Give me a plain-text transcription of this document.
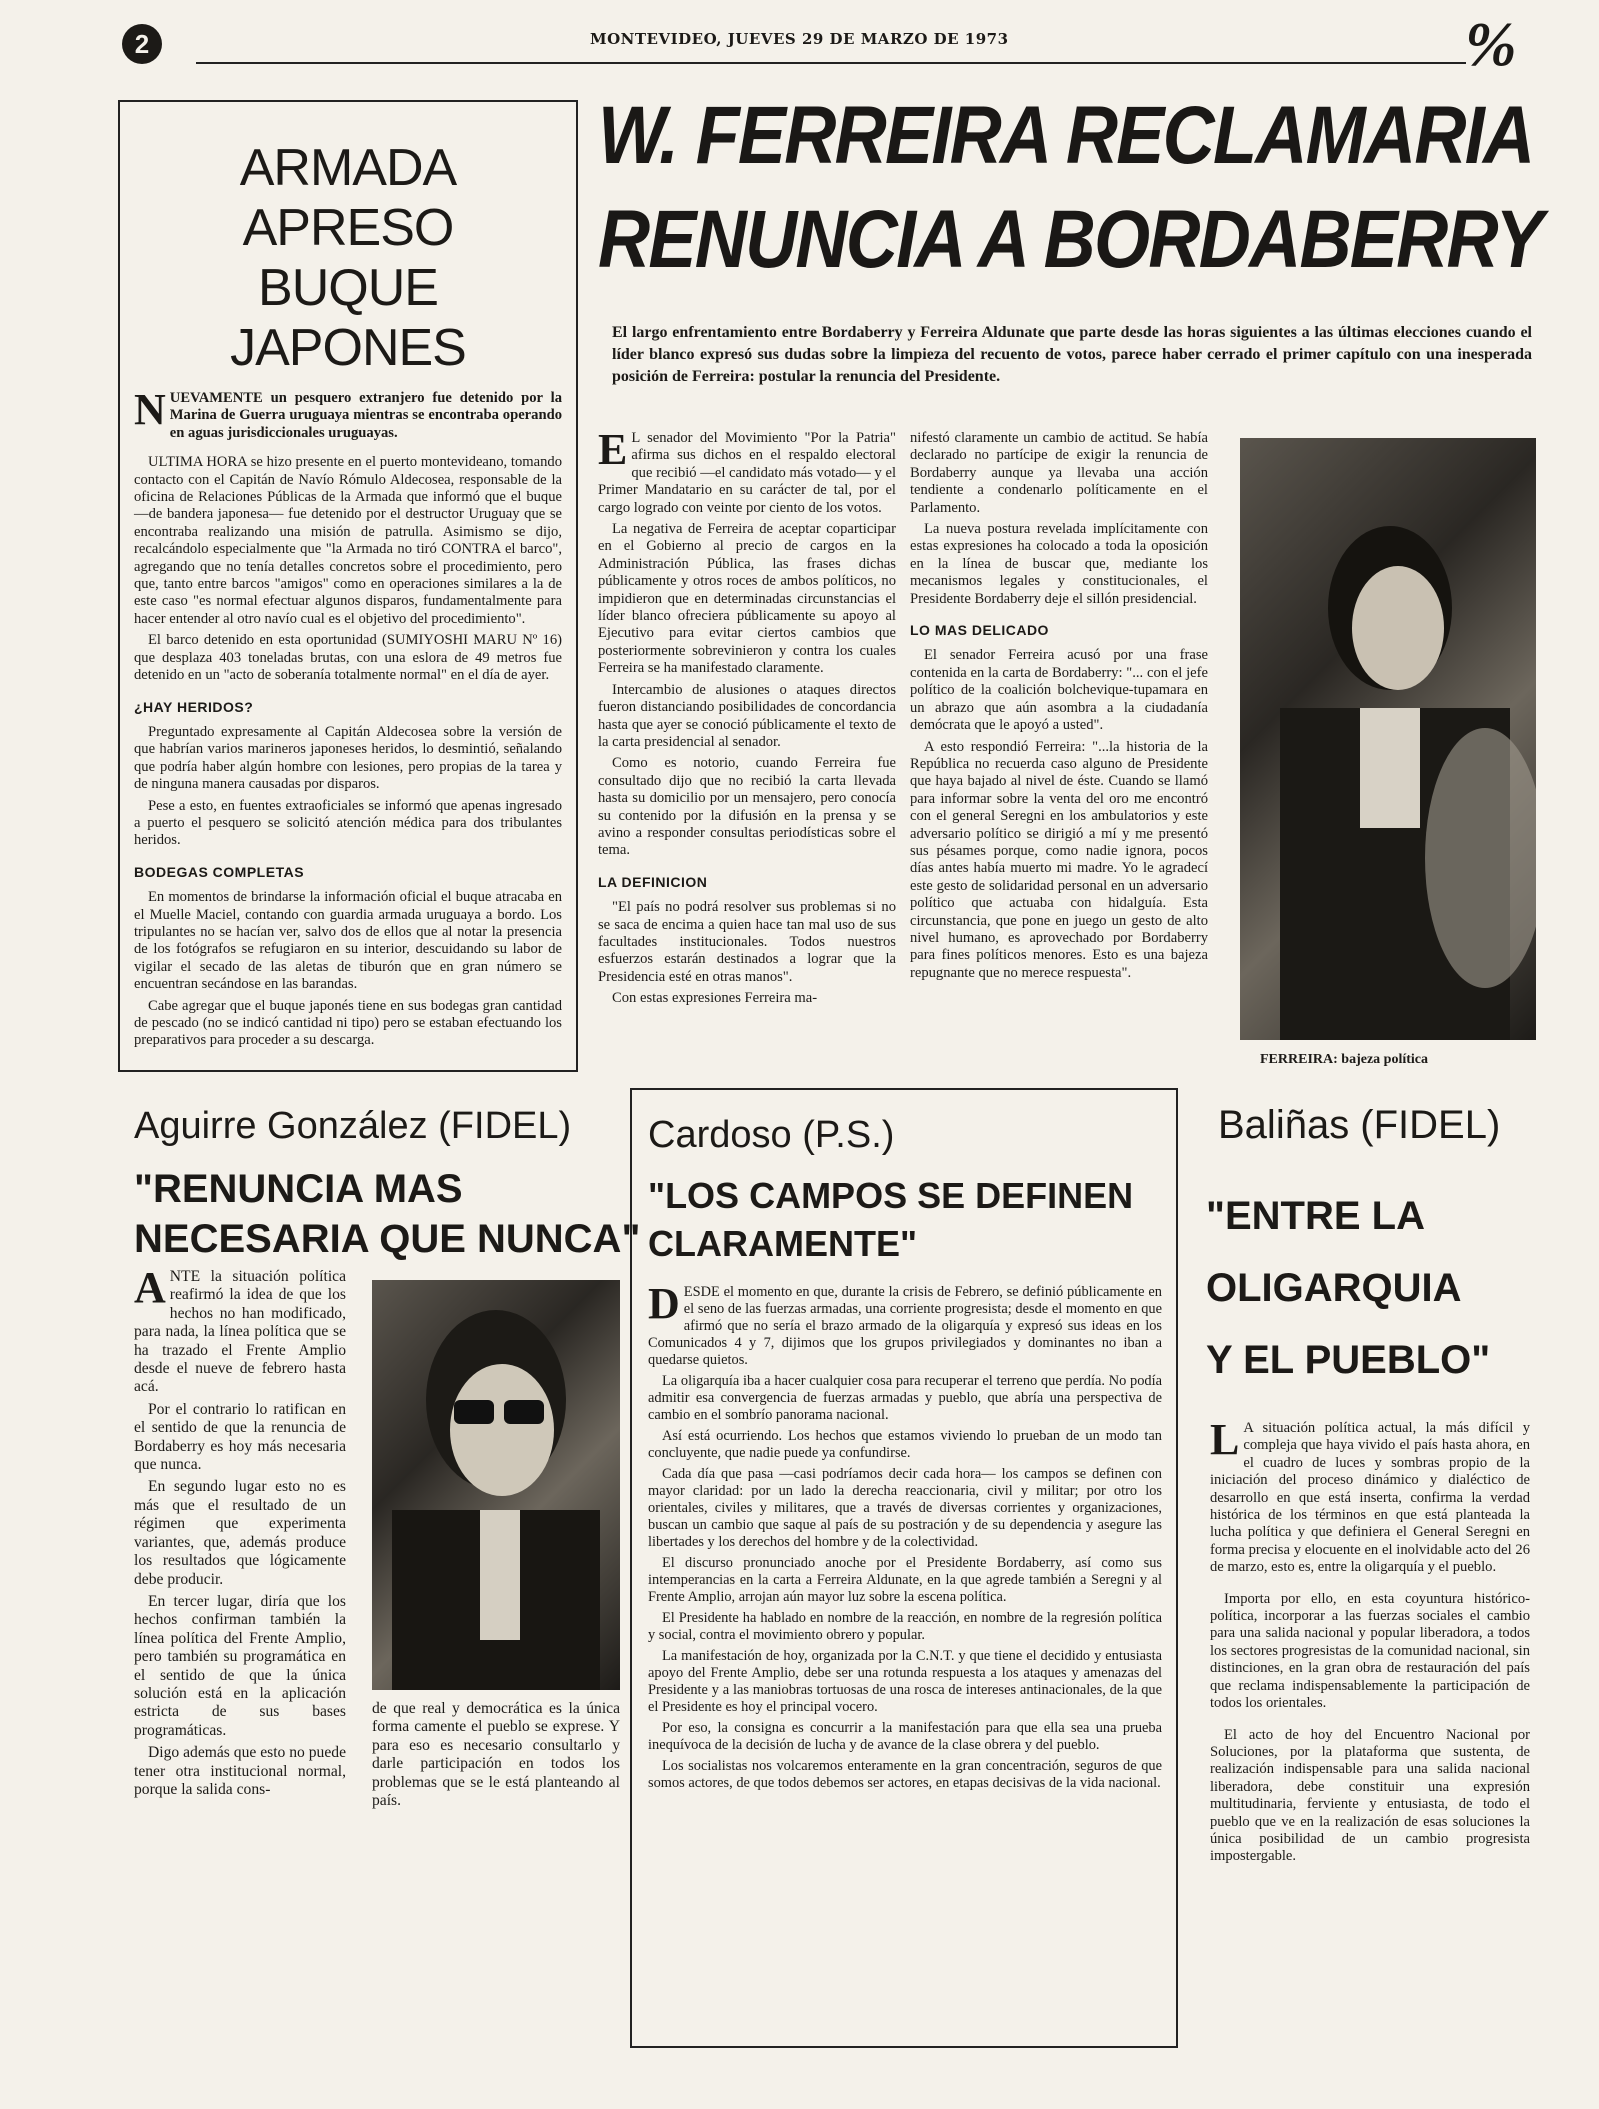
2	MONTEVIDEO, JUEVES 29 DE MARZO DE 1973	%
ARMADA APRESO
BUQUE JAPONES

NUEVAMENTE un pesquero extranjero fue detenido por la Marina de Guerra uruguaya mientras se encontraba operando en aguas jurisdiccionales uruguayas.

ULTIMA HORA se hizo presente en el puerto montevideano, tomando contacto con el Capitán de Navío Rómulo Aldecosea, responsable de la oficina de Relaciones Públicas de la Armada que informó que el buque —de bandera japonesa— fue detenido por el destructor Uruguay que se encontraba realizando una misión de patrulla. Asimismo se dijo, recalcándolo especialmente que "la Armada no tiró CONTRA el barco", agregando que no tenía detalles concretos sobre el procedimiento, pero que, tanto entre barcos "amigos" como en operaciones similares a la de este caso "es normal efectuar algunos disparos, fundamentalmente para hacer entender al otro navío cual es el objetivo del procedimiento".

El barco detenido en esta oportunidad (SUMIYOSHI MARU Nº 16) que desplaza 403 toneladas brutas, con una eslora de 49 metros fue detenido en un "acto de soberanía totalmente normal" en el día de ayer.

¿HAY HERIDOS?

Preguntado expresamente al Capitán Aldecosea sobre la versión de que habrían varios marineros japoneses heridos, lo desmintió, señalando que podría haber algún hombre con lesiones, pero propias de la tarea y de ninguna manera causadas por disparos.

Pese a esto, en fuentes extraoficiales se informó que apenas ingresado a puerto el pesquero se solicitó atención médica para dos tribulantes heridos.

BODEGAS COMPLETAS

En momentos de brindarse la información oficial el buque atracaba en el Muelle Maciel, contando con guardia armada uruguaya a bordo. Los tripulantes no se hacían ver, salvo dos de ellos que al notar la presencia de los fotógrafos se refugiaron en su interior, descuidando su labor de vigilar el secado de las aletas de tiburón que en gran número se encuentran secándose en las barandas.

Cabe agregar que el buque japonés tiene en sus bodegas gran cantidad de pescado (no se indicó cantidad ni tipo) pero se estaban efectuando los preparativos para proceder a su descarga.

W. FERREIRA RECLAMARIA
RENUNCIA A BORDABERRY
El largo enfrentamiento entre Bordaberry y Ferreira Aldunate que parte desde las horas siguientes a las últimas elecciones cuando el líder blanco expresó sus dudas sobre la limpieza del recuento de votos, parece haber cerrado el primer capítulo con una inesperada posición de Ferreira: postular la renuncia del Presidente.

E L senador del Movimiento "Por la Patria" afirma sus dichos en el respaldo electoral que recibió —el candidato más votado— y el Primer Mandatario en su carácter de tal, por el cargo logrado con veinte por ciento de los votos.

La negativa de Ferreira de aceptar coparticipar en el Gobierno al precio de cargos en la Administración Pública, las frases dichas públicamente y otros roces de ambos políticos, no impidieron que en determinadas circunstancias el líder blanco ofreciera públicamente su apoyo al Ejecutivo para evitar ciertos cambios que posteriormente sobrevinieron y contra los cuales Ferreira se ha manifestado claramente.

Intercambio de alusiones o ataques directos fueron distanciando posibilidades de concordancia hasta que ayer se conoció públicamente el texto de la carta presidencial al senador.

Como es notorio, cuando Ferreira fue consultado dijo que no recibió la carta llevada hasta su domicilio por un mensajero, pero conocía su contenido por la difusión en la prensa y se avino a responder consultas periodísticas sobre el tema.

LA DEFINICION

"El país no podrá resolver sus problemas si no se saca de encima a quien hace tan mal uso de sus facultades institucionales. Todos nuestros esfuerzos estarán destinados a lograr que la Presidencia esté en otras manos".

Con estas expresiones Ferreira ma-

nifestó claramente un cambio de actitud. Se había declarado no partícipe de exigir la renuncia de Bordaberry aunque ya llevaba una acción tendiente a condenarlo políticamente en el Parlamento.

La nueva postura revelada implícitamente con estas expresiones ha colocado a toda la oposición en la línea de buscar que, mediante los mecanismos legales y constitucionales, el Presidente Bordaberry deje el sillón presidencial.

LO MAS DELICADO

El senador Ferreira acusó por una frase contenida en la carta de Bordaberry: "... con el jefe político de la coalición bolchevique-tupamara en un abrazo que aún asombra a la ciudadanía demócrata que le apoyó a usted".

A esto respondió Ferreira: "...la historia de la República no recuerda caso alguno de Presidente que haya bajado al nivel de éste. Cuando se llamó para informar sobre la venta del oro me encontró con el general Seregni en los ambulatorios y este adversario político se dirigió a mí y me presentó sus pésames porque, como nadie ignora, pocos días antes había muerto mi madre. Yo le agradecí este gesto de solidaridad personal en un adversario político que actuaba con hidalguía. Esta circunstancia, que pone en juego un gesto de alto nivel humano, es aprovechado por Bordaberry para fines políticos menores. Esto es una bajeza repugnante que no merece respuesta".

FERREIRA: bajeza política
Aguirre González (FIDEL)
"RENUNCIA MAS
NECESARIA QUE NUNCA"

ANTE la situación política reafirmó la idea de que los hechos no han modificado, para nada, la línea política que se ha trazado el Frente Amplio desde el nueve de febrero hasta acá.

Por el contrario lo ratifican en el sentido de que la renuncia de Bordaberry es hoy más necesaria que nunca.

En segundo lugar esto no es más que el resultado de un régimen que experimenta variantes, que, además produce los resultados que lógicamente debe producir.

En tercer lugar, diría que los hechos confirman también la línea política del Frente Amplio, pero también su programática en el sentido de que la única solución está en la aplicación estricta de sus bases programáticas.

Digo además que esto no puede tener otra institucional normal, porque la salida cons-

de que real y democrática es la única forma camente el pueblo se exprese. Y para eso es necesario consultarlo y darle participación en todos los problemas que se le está planteando al país.

Cardoso (P.S.)
"LOS CAMPOS SE DEFINEN
CLARAMENTE"

DESDE el momento en que, durante la crisis de Febrero, se definió públicamente en el seno de las fuerzas armadas, una corriente progresista; desde el momento en que afirmó que no sería el brazo armado de la oligarquía y expresó sus ideas en los Comunicados 4 y 7, dijimos que los grupos privilegiados y dominantes no iban a quedarse quietos.

La oligarquía iba a hacer cualquier cosa para recuperar el terreno que perdía. No podía admitir esa convergencia de fuerzas armadas y pueblo, que abría una perspectiva de cambio en el sombrío panorama nacional.

Así está ocurriendo. Los hechos que estamos viviendo lo prueban de un modo tan concluyente, que nadie puede ya confundirse.

Cada día que pasa —casi podríamos decir cada hora— los campos se definen con mayor claridad: por un lado la derecha reaccionaria, civil y militar; por otro los orientales, civiles y militares, que a través de diversas corrientes y organizaciones, buscan un cambio que saque al país de su postración y de su dependencia y asegure las libertades y los derechos del hombre y de la colectividad.

El discurso pronunciado anoche por el Presidente Bordaberry, así como sus intemperancias en la carta a Ferreira Aldunate, en la que agrede también a Seregni y al Frente Amplio, arrojan aún mayor luz sobre la escena política.

El Presidente ha hablado en nombre de la reacción, en nombre de la regresión política y social, contra el movimiento obrero y popular.

La manifestación de hoy, organizada por la C.N.T. y que tiene el decidido y entusiasta apoyo del Frente Amplio, debe ser una rotunda respuesta a los ataques y amenazas del Presidente y a las maniobras tortuosas de una rosca de intereses antinacionales, de la que el Presidente es hoy el principal vocero.

Por eso, la consigna es concurrir a la manifestación para que ella sea una prueba inequívoca de la decisión de lucha y de avance de la clase obrera y del pueblo.

Los socialistas nos volcaremos enteramente en la gran concentración, seguros de que somos actores, de que todos debemos ser actores, en etapas decisivas de la vida nacional.

Baliñas (FIDEL)
"ENTRE LA
OLIGARQUIA
Y EL PUEBLO"

L A situación política actual, la más difícil y compleja que haya vivido el país hasta ahora, en el cuadro de luces y sombras propio de la iniciación del proceso dinámico y dialéctico de desarrollo en que está inserta, confirma la verdad histórica de los términos en que está planteada la lucha política y que definiera el General Seregni en forma precisa y elocuente en el inolvidable acto del 26 de marzo, esto es, entre la oligarquía y el pueblo.

Importa por ello, en esta coyuntura histórico-política, incorporar a las fuerzas sociales el cambio para una salida nacional y popular liberadora, a todos los sectores progresistas de la comunidad nacional, sin distinciones, en la gran obra de restauración del país que reclama indispensablemente la participación de todos los orientales.

El acto de hoy del Encuentro Nacional por Soluciones, por la plataforma que sustenta, de realización indispensable para una salida nacional liberadora, debe constituir una expresión multitudinaria, ferviente y entusiasta, de todo el pueblo que ve en la realización de esas soluciones la única posibilidad de un cambio progresista impostergable.
